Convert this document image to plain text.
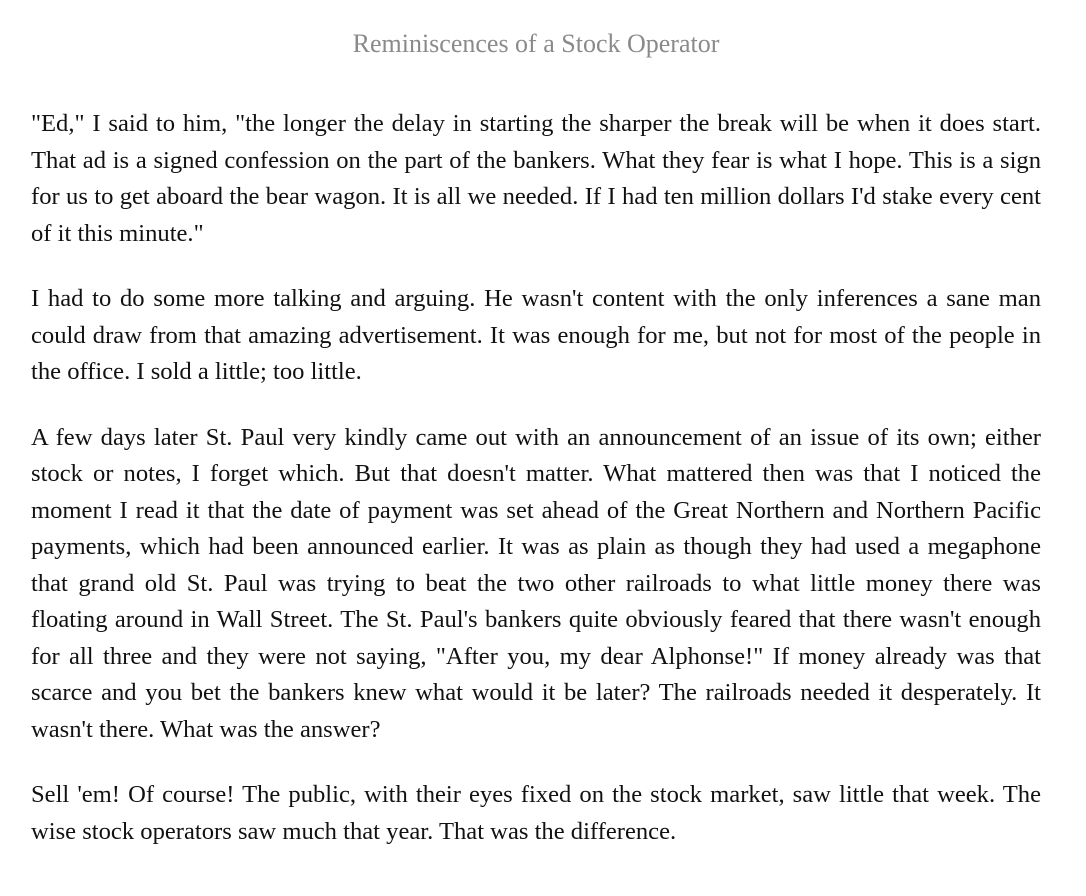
Reminiscences of a Stock Operator

"Ed," I said to him, "the longer the delay in starting the sharper the break will be when it does start. That ad is a signed confession on the part of the bankers. What they fear is what I hope. This is a sign for us to get aboard the bear wagon. It is all we needed. If I had ten million dollars I'd stake every cent of it this minute."

I had to do some more talking and arguing. He wasn't content with the only inferences a sane man could draw from that amazing advertisement. It was enough for me, but not for most of the people in the office. I sold a little; too little.

A few days later St. Paul very kindly came out with an announcement of an issue of its own; either stock or notes, I forget which. But that doesn't matter. What mattered then was that I noticed the moment I read it that the date of payment was set ahead of the Great Northern and Northern Pacific payments, which had been announced earlier. It was as plain as though they had used a megaphone that grand old St. Paul was trying to beat the two other railroads to what little money there was floating around in Wall Street. The St. Paul's bankers quite obviously feared that there wasn't enough for all three and they were not saying, "After you, my dear Alphonse!" If money already was that scarce and you bet the bankers knew what would it be later? The railroads needed it desperately. It wasn't there. What was the answer?

Sell 'em! Of course! The public, with their eyes fixed on the stock market, saw little that week. The wise stock operators saw much that year. That was the difference.
